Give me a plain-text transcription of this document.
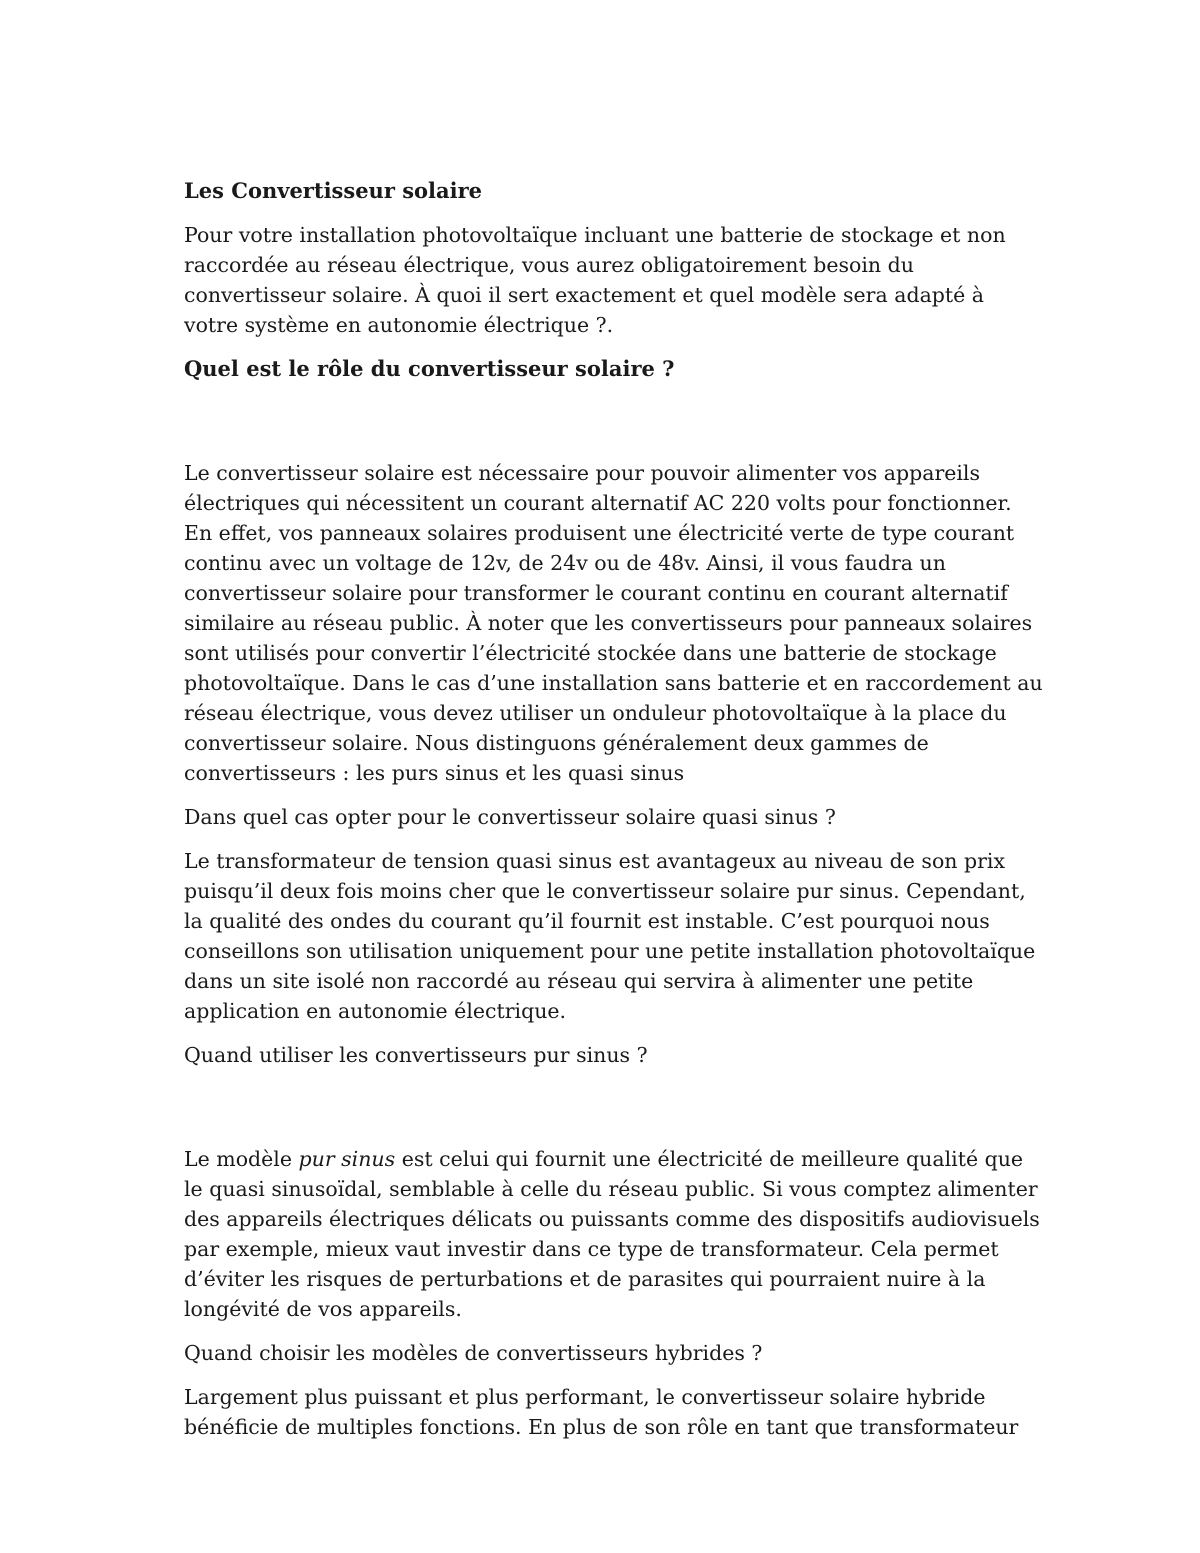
Les Convertisseur solaire

Pour votre installation photovoltaïque incluant une batterie de stockage et non raccordée au réseau électrique, vous aurez obligatoirement besoin du convertisseur solaire. À quoi il sert exactement et quel modèle sera adapté à votre système en autonomie électrique ?.

Quel est le rôle du convertisseur solaire ?

Le convertisseur solaire est nécessaire pour pouvoir alimenter vos appareils électriques qui nécessitent un courant alternatif AC 220 volts pour fonctionner. En effet, vos panneaux solaires produisent une électricité verte de type courant continu avec un voltage de 12v, de 24v ou de 48v. Ainsi, il vous faudra un convertisseur solaire pour transformer le courant continu en courant alternatif similaire au réseau public. À noter que les convertisseurs pour panneaux solaires sont utilisés pour convertir l’électricité stockée dans une batterie de stockage photovoltaïque. Dans le cas d’une installation sans batterie et en raccordement au réseau électrique, vous devez utiliser un onduleur photovoltaïque à la place du convertisseur solaire. Nous distinguons généralement deux gammes de convertisseurs : les purs sinus et les quasi sinus

Dans quel cas opter pour le convertisseur solaire quasi sinus ?

Le transformateur de tension quasi sinus est avantageux au niveau de son prix puisqu’il deux fois moins cher que le convertisseur solaire pur sinus. Cependant, la qualité des ondes du courant qu’il fournit est instable. C’est pourquoi nous conseillons son utilisation uniquement pour une petite installation photovoltaïque dans un site isolé non raccordé au réseau qui servira à alimenter une petite application en autonomie électrique.

Quand utiliser les convertisseurs pur sinus ?

Le modèle pur sinus est celui qui fournit une électricité de meilleure qualité que le quasi sinusoïdal, semblable à celle du réseau public. Si vous comptez alimenter des appareils électriques délicats ou puissants comme des dispositifs audiovisuels par exemple, mieux vaut investir dans ce type de transformateur. Cela permet d’éviter les risques de perturbations et de parasites qui pourraient nuire à la longévité de vos appareils.

Quand choisir les modèles de convertisseurs hybrides ?

Largement plus puissant et plus performant, le convertisseur solaire hybride bénéficie de multiples fonctions. En plus de son rôle en tant que transformateur
